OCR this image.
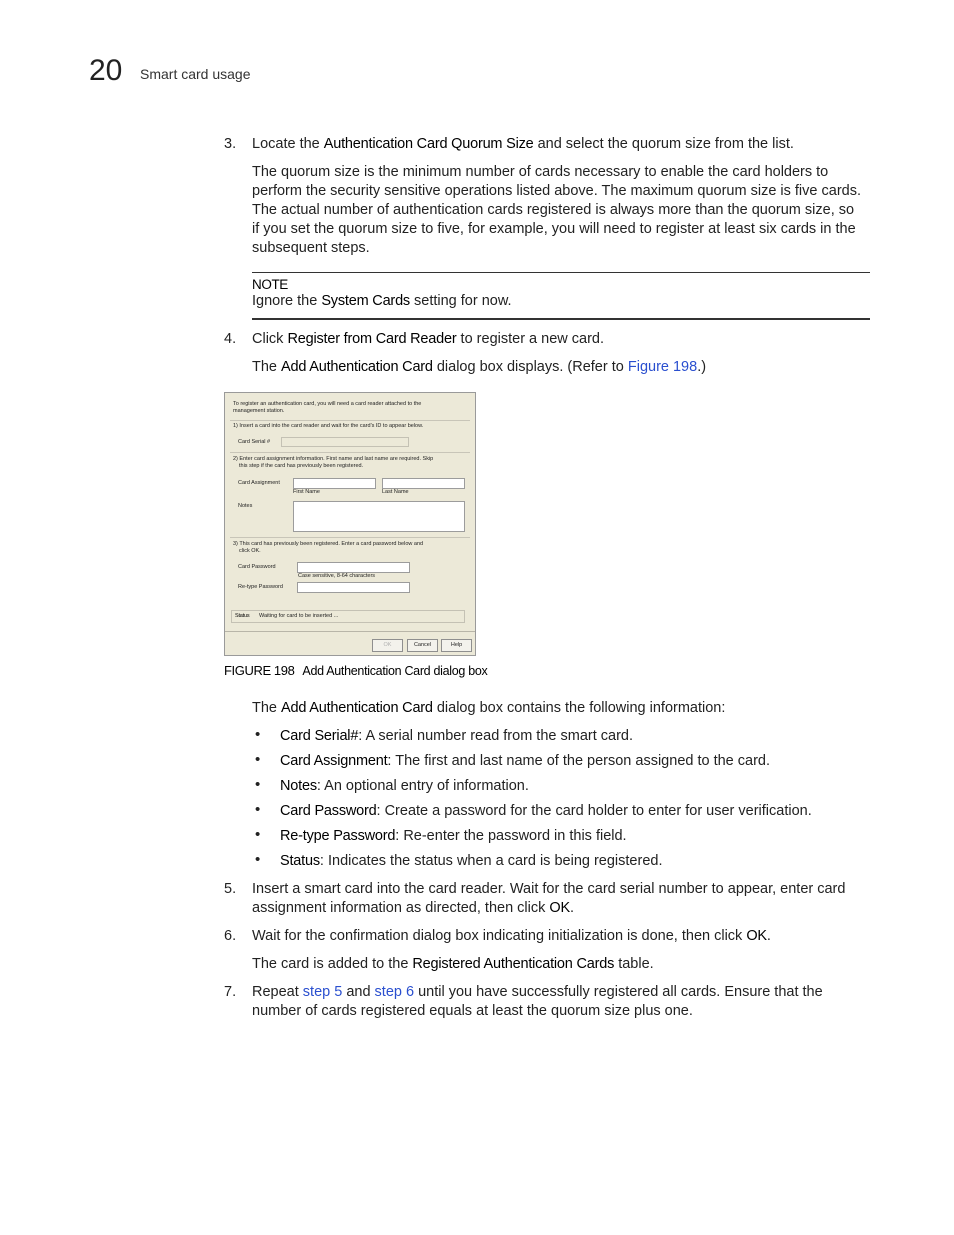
20 Smart card usage
3. Locate the Authentication Card Quorum Size and select the quorum size from the list.
The quorum size is the minimum number of cards necessary to enable the card holders to
perform the security sensitive operations listed above. The maximum quorum size is five cards.
The actual number of authentication cards registered is always more than the quorum size, so
if you set the quorum size to five, for example, you will need to register at least six cards in the
subsequent steps.
NOTE
Ignore the System Cards setting for now.
4. Click Register from Card Reader to register a new card.
The Add Authentication Card dialog box displays. (Refer to Figure 198.)
To register an authentication card, you will need a card reader attached to the
management station.
1) Insert a card into the card reader and wait for the card's ID to appear below.
Card Serial #
2) Enter card assignment information. First name and last name are required. Skip
this step if the card has previously been registered.
Card Assignment
First Name	Last Name
Notes
3) This card has previously been registered. Enter a card password below and
click OK.
Card Password
Case sensitive, 8-64 characters
Re-type Password
Status Waiting for card to be inserted ...
OK	Cancel	Help
FIGURE 198 Add Authentication Card dialog box
The Add Authentication Card dialog box contains the following information:
• Card Serial#: A serial number read from the smart card.
• Card Assignment: The first and last name of the person assigned to the card.
• Notes: An optional entry of information.
• Card Password: Create a password for the card holder to enter for user verification.
• Re-type Password: Re-enter the password in this field.
• Status: Indicates the status when a card is being registered.
5. Insert a smart card into the card reader. Wait for the card serial number to appear, enter card
assignment information as directed, then click OK.
6. Wait for the confirmation dialog box indicating initialization is done, then click OK.
The card is added to the Registered Authentication Cards table.
7. Repeat step 5 and step 6 until you have successfully registered all cards. Ensure that the
number of cards registered equals at least the quorum size plus one.
